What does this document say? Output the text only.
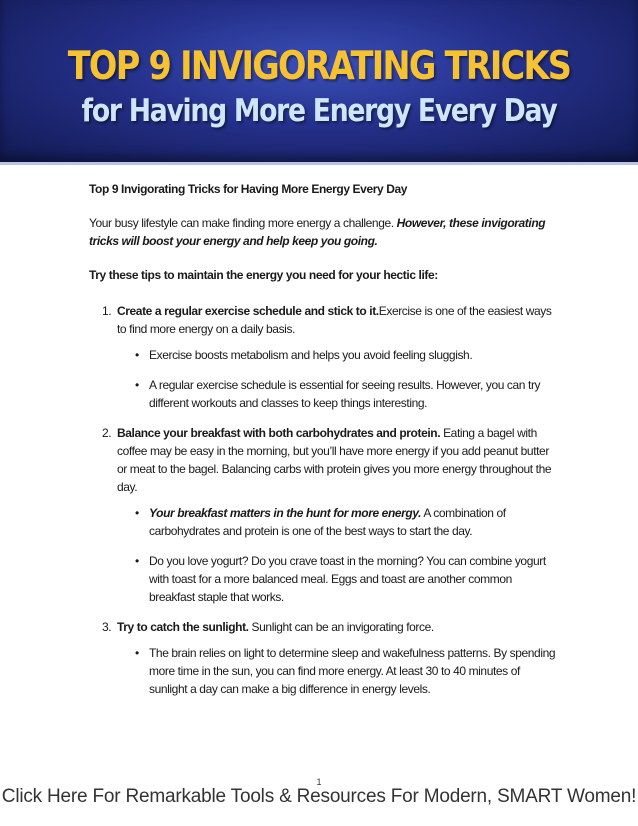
TOP 9 INVIGORATING TRICKS
for Having More Energy Every Day

Top 9 Invigorating Tricks for Having More Energy Every Day

Your busy lifestyle can make finding more energy a challenge. However, these invigorating tricks will boost your energy and help keep you going.

Try these tips to maintain the energy you need for your hectic life:

1. Create a regular exercise schedule and stick to it.Exercise is one of the easiest ways to find more energy on a daily basis.
• Exercise boosts metabolism and helps you avoid feeling sluggish.
• A regular exercise schedule is essential for seeing results. However, you can try different workouts and classes to keep things interesting.
2. Balance your breakfast with both carbohydrates and protein. Eating a bagel with coffee may be easy in the morning, but you’ll have more energy if you add peanut butter or meat to the bagel. Balancing carbs with protein gives you more energy throughout the day.
• Your breakfast matters in the hunt for more energy. A combination of carbohydrates and protein is one of the best ways to start the day.
• Do you love yogurt? Do you crave toast in the morning? You can combine yogurt with toast for a more balanced meal. Eggs and toast are another common breakfast staple that works.
3. Try to catch the sunlight. Sunlight can be an invigorating force.
• The brain relies on light to determine sleep and wakefulness patterns. By spending more time in the sun, you can find more energy. At least 30 to 40 minutes of sunlight a day can make a big difference in energy levels.
1
Click Here For Remarkable Tools & Resources For Modern, SMART Women!
